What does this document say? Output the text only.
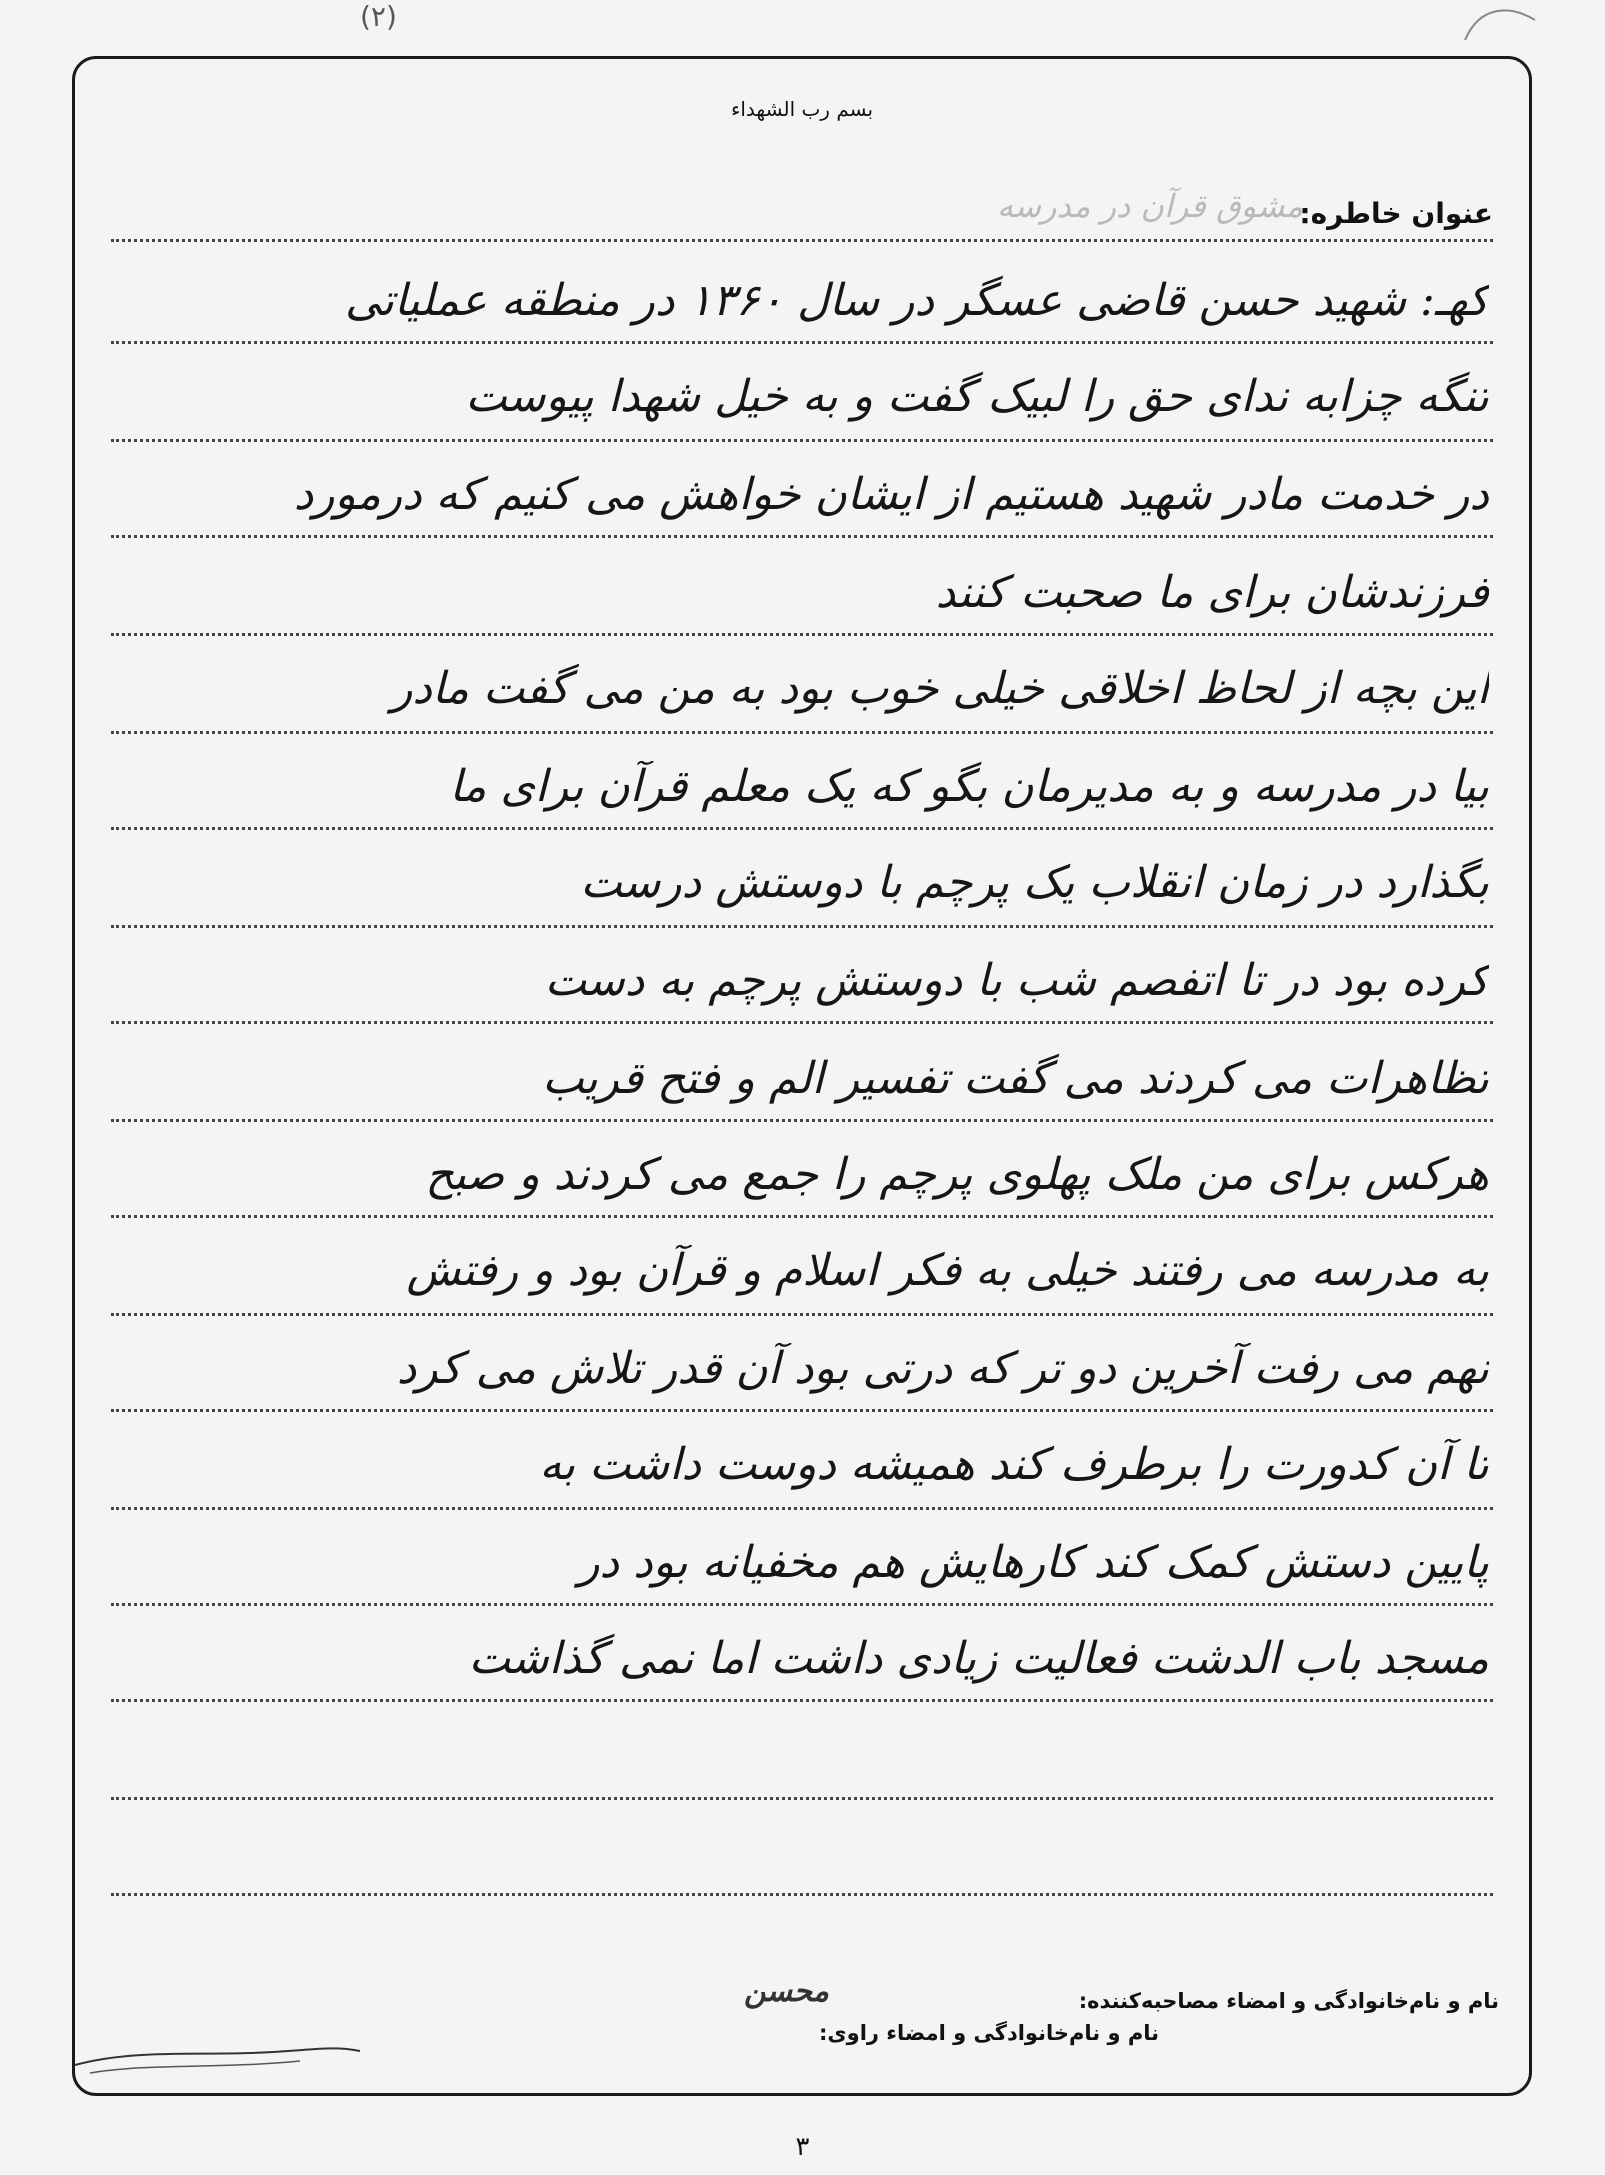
(۲)
بسم رب الشهداء
عنوان خاطره:
مشوق قرآن در مدرسه
کهـ: شهید حسن قاضی عسگر در سال ۱۳۶۰ در منطقه عملیاتی
تنگه چزابه ندای حق را لبیک گفت و به خیل شهدا پیوست
در خدمت مادر شهید هستیم از ایشان خواهش می کنیم که درمورد
فرزندشان برای ما صحبت کنند
این بچه از لحاظ اخلاقی خیلی خوب بود به من می گفت مادر
بیا در مدرسه و به مدیرمان بگو که یک معلم قرآن برای ما
بگذارد در زمان انقلاب یک پرچم با دوستش درست
کرده بود در تا اتفصم شب با دوستش پرچم به دست
تظاهرات می کردند می گفت تفسیر الم و فتح قریب
هرکس برای من ملک پهلوی پرچم را جمع می کردند و صبح
به مدرسه می رفتند خیلی به فکر اسلام و قرآن بود و رفتش
نهم می رفت آخرین دو تر که درتی بود آن قدر تلاش می کرد
تا آن کدورت را برطرف کند همیشه دوست داشت به
پایین دستش کمک کند کارهایش هم مخفیانه بود در
مسجد باب الدشت فعالیت زیادی داشت اما نمی گذاشت
نام و نام‌خانوادگی و امضاء مصاحبه‌کننده:
محسن
نام و نام‌خانوادگی و امضاء راوی:
۳
